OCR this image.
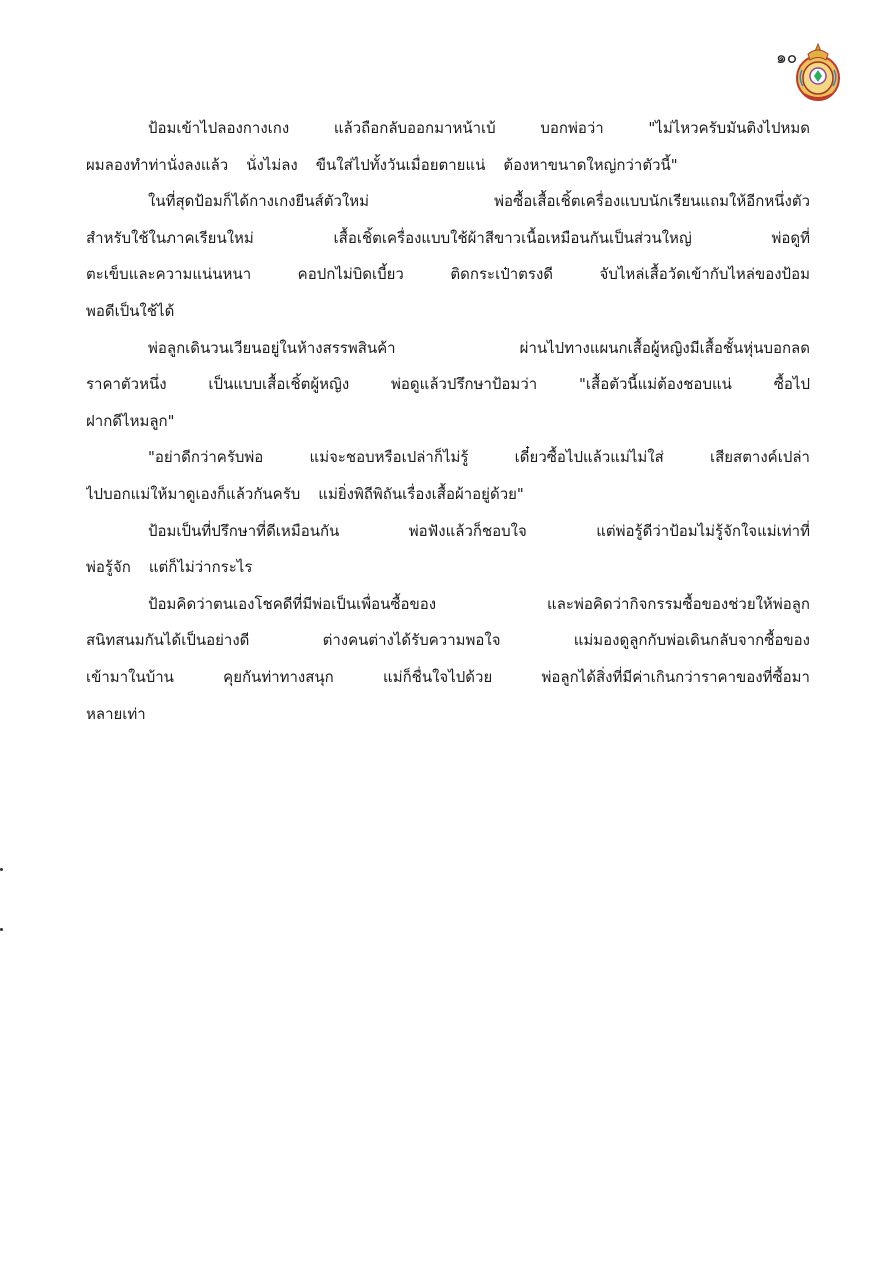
๑๐
ป้อมเข้าไปลองกางเกง	แล้วถือกลับออกมาหน้าเบ้	บอกพ่อว่า	"ไม่ไหวครับมันติงไปหมด
ผมลองทำท่านั่งลงแล้ว นั่งไม่ลง ขืนใส่ไปทั้งวันเมื่อยตายแน่ ต้องหาขนาดใหญ่กว่าตัวนี้"
ในที่สุดป้อมก็ได้กางเกงยีนส์ตัวใหม่	พ่อซื้อเสื้อเชิ้ตเครื่องแบบนักเรียนแถมให้อีกหนึ่งตัว
สำหรับใช้ในภาคเรียนใหม่	เสื้อเชิ้ตเครื่องแบบใช้ผ้าสีขาวเนื้อเหมือนกันเป็นส่วนใหญ่	พ่อดูที่
ตะเข็บและความแน่นหนา	คอปกไม่บิดเบี้ยว	ติดกระเป๋าตรงดี	จับไหล่เสื้อวัดเข้ากับไหล่ของป้อม
พอดีเป็นใช้ได้
พ่อลูกเดินวนเวียนอยู่ในห้างสรรพสินค้า	ผ่านไปทางแผนกเสื้อผู้หญิงมีเสื้อชั้นหุ่นบอกลด
ราคาตัวหนึ่ง	เป็นแบบเสื้อเชิ้ตผู้หญิง	พ่อดูแล้วปรึกษาป้อมว่า	"เสื้อตัวนี้แม่ต้องชอบแน่	ซื้อไป
ฝากดีไหมลูก"
"อย่าดีกว่าครับพ่อ	แม่จะชอบหรือเปล่าก็ไม่รู้	เดี๋ยวซื้อไปแล้วแม่ไม่ใส่	เสียสตางค์เปล่า
ไปบอกแม่ให้มาดูเองก็แล้วกันครับ แม่ยิ่งพิถีพิถันเรื่องเสื้อผ้าอยู่ด้วย"
ป้อมเป็นที่ปรึกษาที่ดีเหมือนกัน	พ่อฟังแล้วก็ชอบใจ	แต่พ่อรู้ดีว่าป้อมไม่รู้จักใจแม่เท่าที่
พ่อรู้จัก แต่ก็ไม่ว่ากระไร
ป้อมคิดว่าตนเองโชคดีที่มีพ่อเป็นเพื่อนซื้อของ	และพ่อคิดว่ากิจกรรมซื้อของช่วยให้พ่อลูก
สนิทสนมกันได้เป็นอย่างดี	ต่างคนต่างได้รับความพอใจ	แม่มองดูลูกกับพ่อเดินกลับจากซื้อของ
เข้ามาในบ้าน	คุยกันท่าทางสนุก	แม่ก็ชื่นใจไปด้วย	พ่อลูกได้สิ่งที่มีค่าเกินกว่าราคาของที่ซื้อมา
หลายเท่า
